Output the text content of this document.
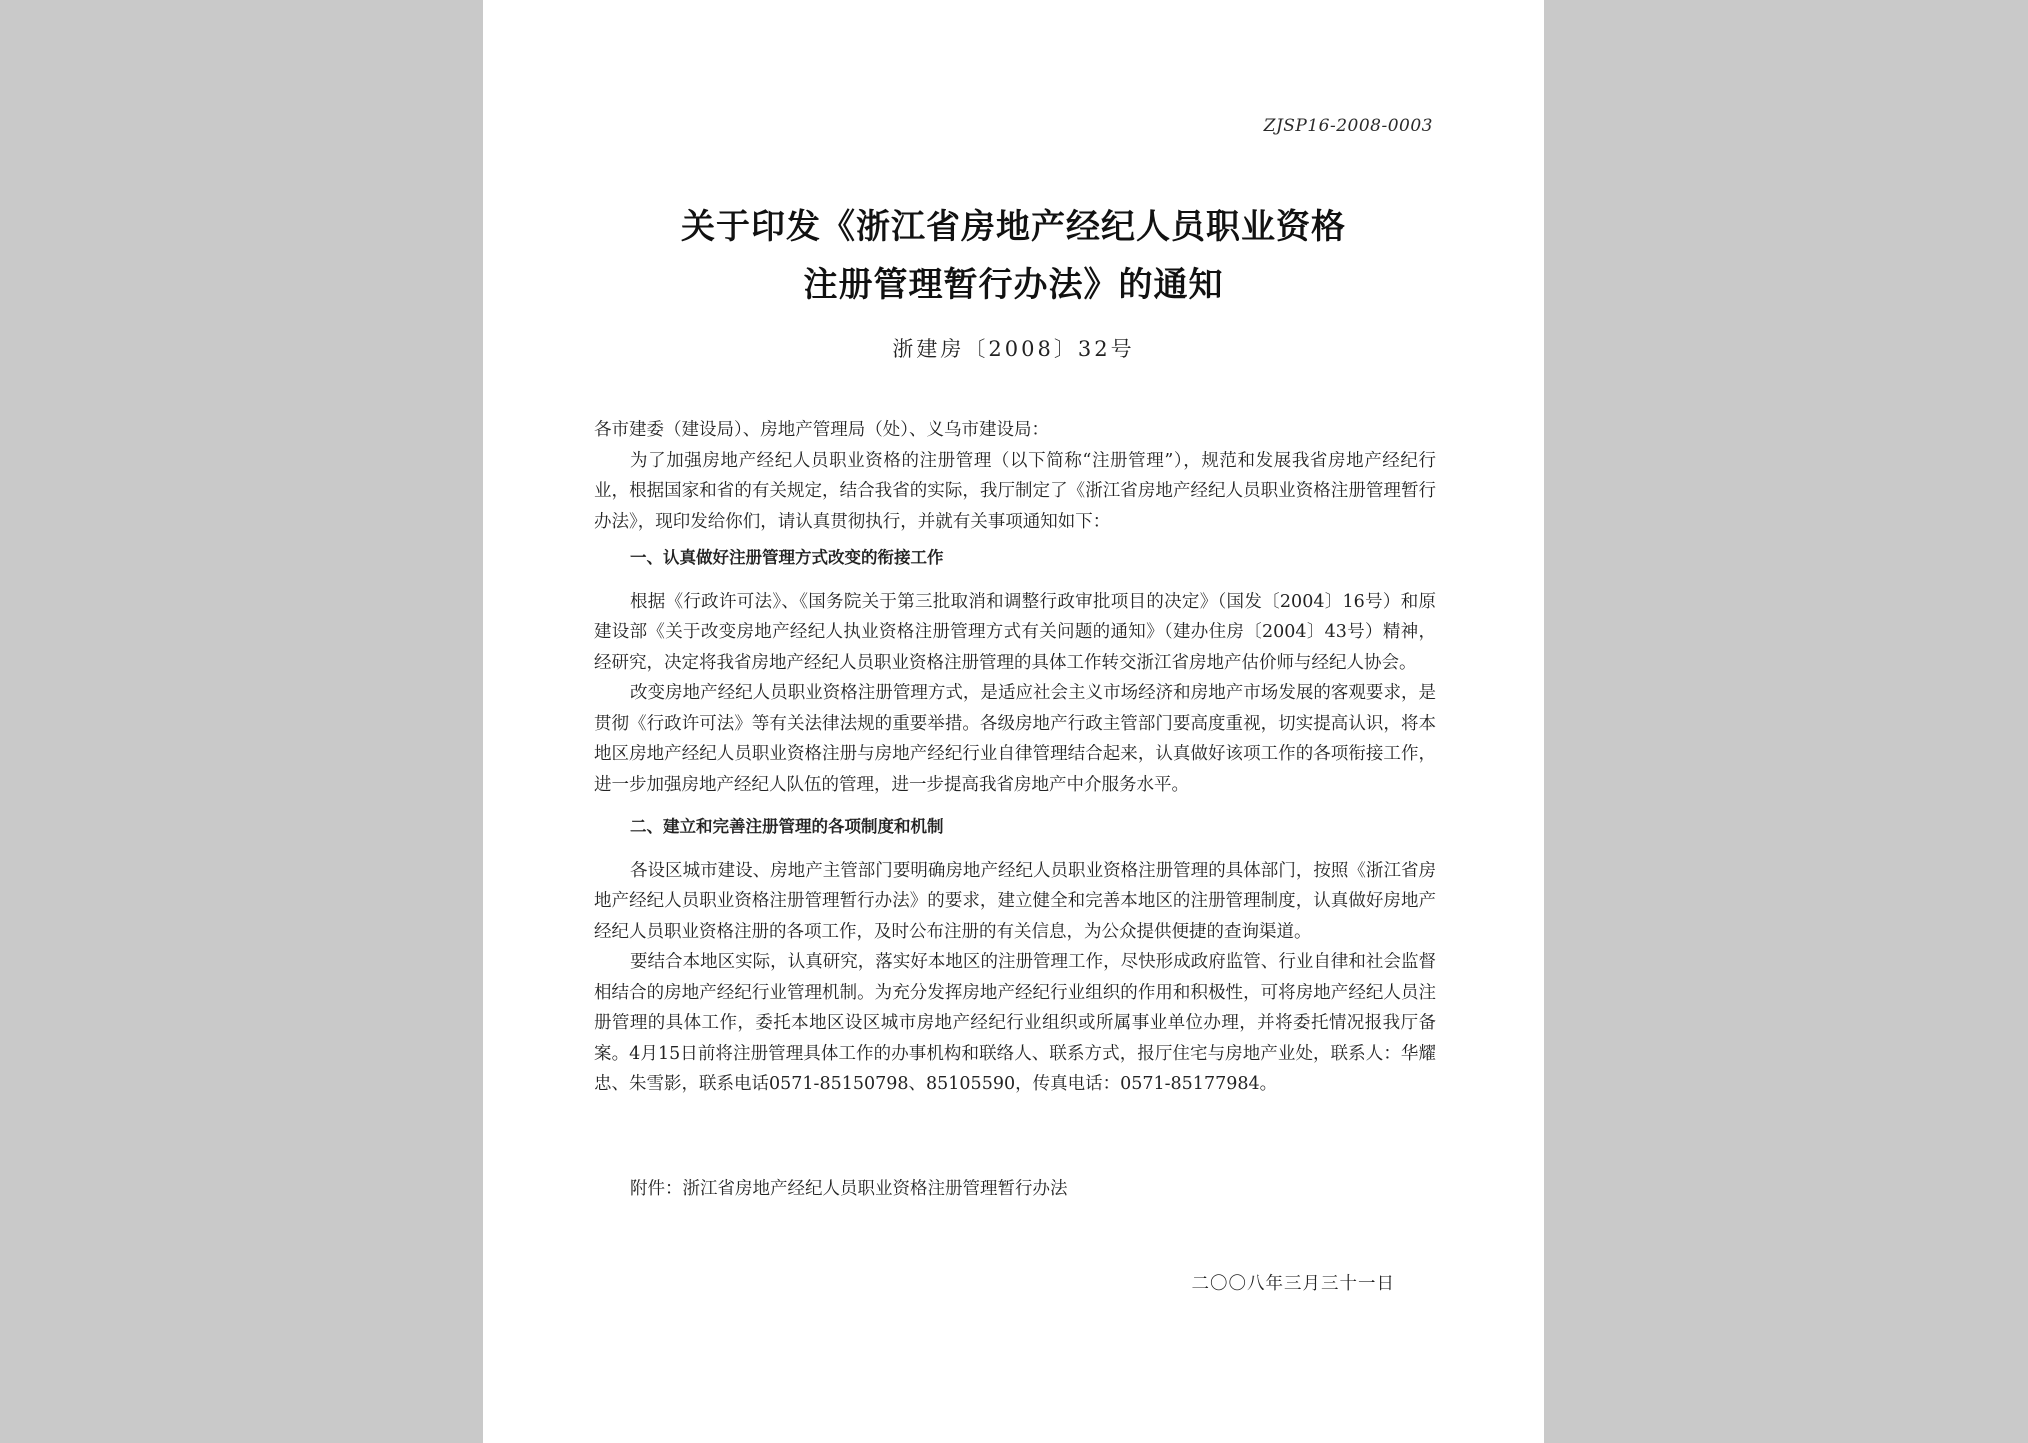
ZJSP16-2008-0003
关于印发《浙江省房地产经纪人员职业资格
注册管理暂行办法》的通知
浙建房〔2008〕32号

各市建委（建设局）、房地产管理局（处）、义乌市建设局：

为了加强房地产经纪人员职业资格的注册管理（以下简称“注册管理”），规范和发展我省房地产经纪行业，根据国家和省的有关规定，结合我省的实际，我厅制定了《浙江省房地产经纪人员职业资格注册管理暂行办法》，现印发给你们，请认真贯彻执行，并就有关事项通知如下：

一、认真做好注册管理方式改变的衔接工作

根据《行政许可法》、《国务院关于第三批取消和调整行政审批项目的决定》（国发〔2004〕16号）和原建设部《关于改变房地产经纪人执业资格注册管理方式有关问题的通知》（建办住房〔2004〕43号）精神，经研究，决定将我省房地产经纪人员职业资格注册管理的具体工作转交浙江省房地产估价师与经纪人协会。

改变房地产经纪人员职业资格注册管理方式，是适应社会主义市场经济和房地产市场发展的客观要求，是贯彻《行政许可法》等有关法律法规的重要举措。各级房地产行政主管部门要高度重视，切实提高认识，将本地区房地产经纪人员职业资格注册与房地产经纪行业自律管理结合起来，认真做好该项工作的各项衔接工作，进一步加强房地产经纪人队伍的管理，进一步提高我省房地产中介服务水平。

二、建立和完善注册管理的各项制度和机制

各设区城市建设、房地产主管部门要明确房地产经纪人员职业资格注册管理的具体部门，按照《浙江省房地产经纪人员职业资格注册管理暂行办法》的要求，建立健全和完善本地区的注册管理制度，认真做好房地产经纪人员职业资格注册的各项工作，及时公布注册的有关信息，为公众提供便捷的查询渠道。

要结合本地区实际，认真研究，落实好本地区的注册管理工作，尽快形成政府监管、行业自律和社会监督相结合的房地产经纪行业管理机制。为充分发挥房地产经纪行业组织的作用和积极性，可将房地产经纪人员注册管理的具体工作，委托本地区设区城市房地产经纪行业组织或所属事业单位办理，并将委托情况报我厅备案。4月15日前将注册管理具体工作的办事机构和联络人、联系方式，报厅住宅与房地产业处，联系人：华耀忠、朱雪影，联系电话0571-85150798、85105590，传真电话：0571-85177984。

附件：浙江省房地产经纪人员职业资格注册管理暂行办法
二〇〇八年三月三十一日
